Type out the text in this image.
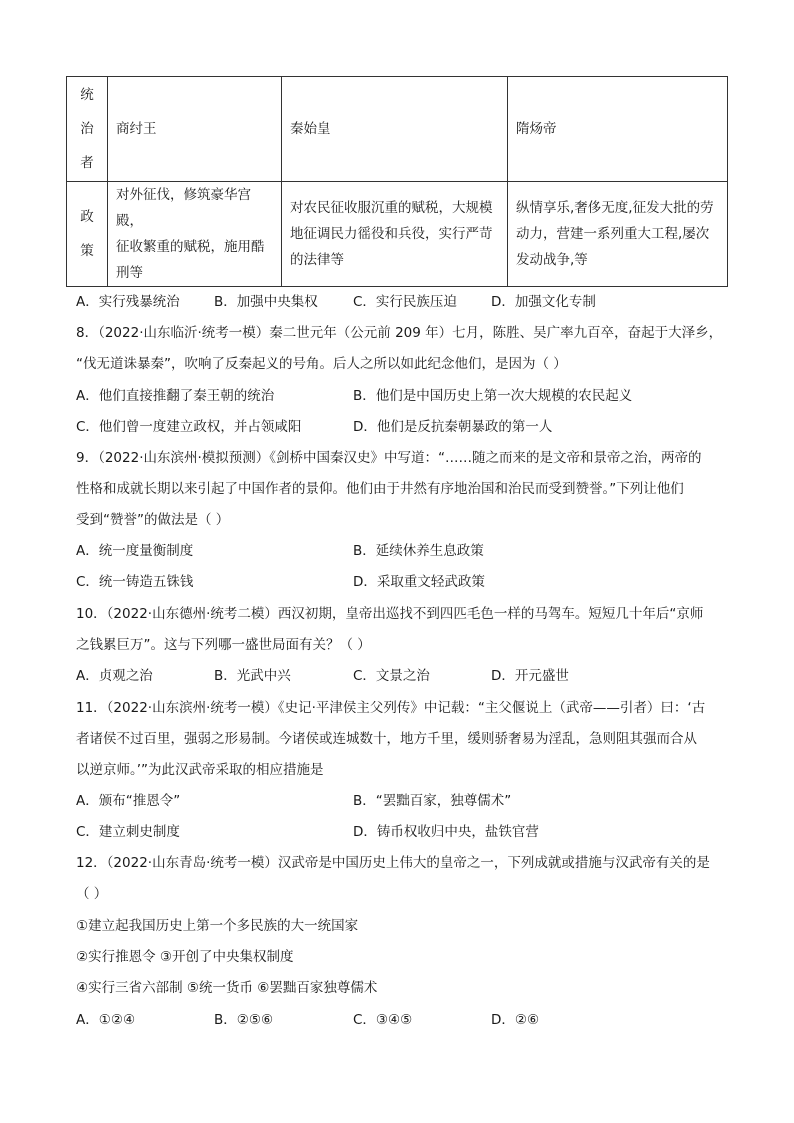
统
治
者	商纣王	秦始皇	隋炀帝
政
策	对外征伐，修筑豪华宫殿，
征收繁重的赋税，施用酷
刑等	对农民征收服沉重的赋税，大规模
地征调民力徭役和兵役，实行严苛
的法律等	纵情享乐,奢侈无度,征发大批的劳
动力，营建一系列重大工程,屡次
发动战争,等
A．实行残暴统治	B．加强中央集权	C．实行民族压迫	D．加强文化专制
8．（2022·山东临沂·统考一模）秦二世元年（公元前 209 年）七月，陈胜、吴广率九百卒，奋起于大泽乡，
“伐无道诛暴秦”，吹响了反秦起义的号角。后人之所以如此纪念他们，是因为（ ）
A．他们直接推翻了秦王朝的统治	B．他们是中国历史上第一次大规模的农民起义
C．他们曾一度建立政权，并占领咸阳	D．他们是反抗秦朝暴政的第一人
9．（2022·山东滨州·模拟预测）《剑桥中国秦汉史》中写道：“……随之而来的是文帝和景帝之治，两帝的
性格和成就长期以来引起了中国作者的景仰。他们由于井然有序地治国和治民而受到赞誉。”下列让他们
受到“赞誉”的做法是（ ）
A．统一度量衡制度	B．延续休养生息政策
C．统一铸造五铢钱	D．采取重文轻武政策
10．（2022·山东德州·统考二模）西汉初期，皇帝出巡找不到四匹毛色一样的马驾车。短短几十年后“京师
之钱累巨万”。这与下列哪一盛世局面有关？（ ）
A．贞观之治	B．光武中兴	C．文景之治	D．开元盛世
11．（2022·山东滨州·统考一模）《史记·平津侯主父列传》中记载：“主父偃说上（武帝——引者）曰：‘古
者诸侯不过百里，强弱之形易制。今诸侯或连城数十，地方千里，缓则骄奢易为淫乱，急则阻其强而合从
以逆京师。’”为此汉武帝采取的相应措施是
A．颁布“推恩令”	B．“罢黜百家，独尊儒术”
C．建立刺史制度	D．铸币权收归中央，盐铁官营
12．（2022·山东青岛·统考一模）汉武帝是中国历史上伟大的皇帝之一，下列成就或措施与汉武帝有关的是
（ ）
①建立起我国历史上第一个多民族的大一统国家
②实行推恩令 ③开创了中央集权制度
④实行三省六部制 ⑤统一货币 ⑥罢黜百家独尊儒术
A．①②④	B．②⑤⑥	C．③④⑤	D．②⑥
